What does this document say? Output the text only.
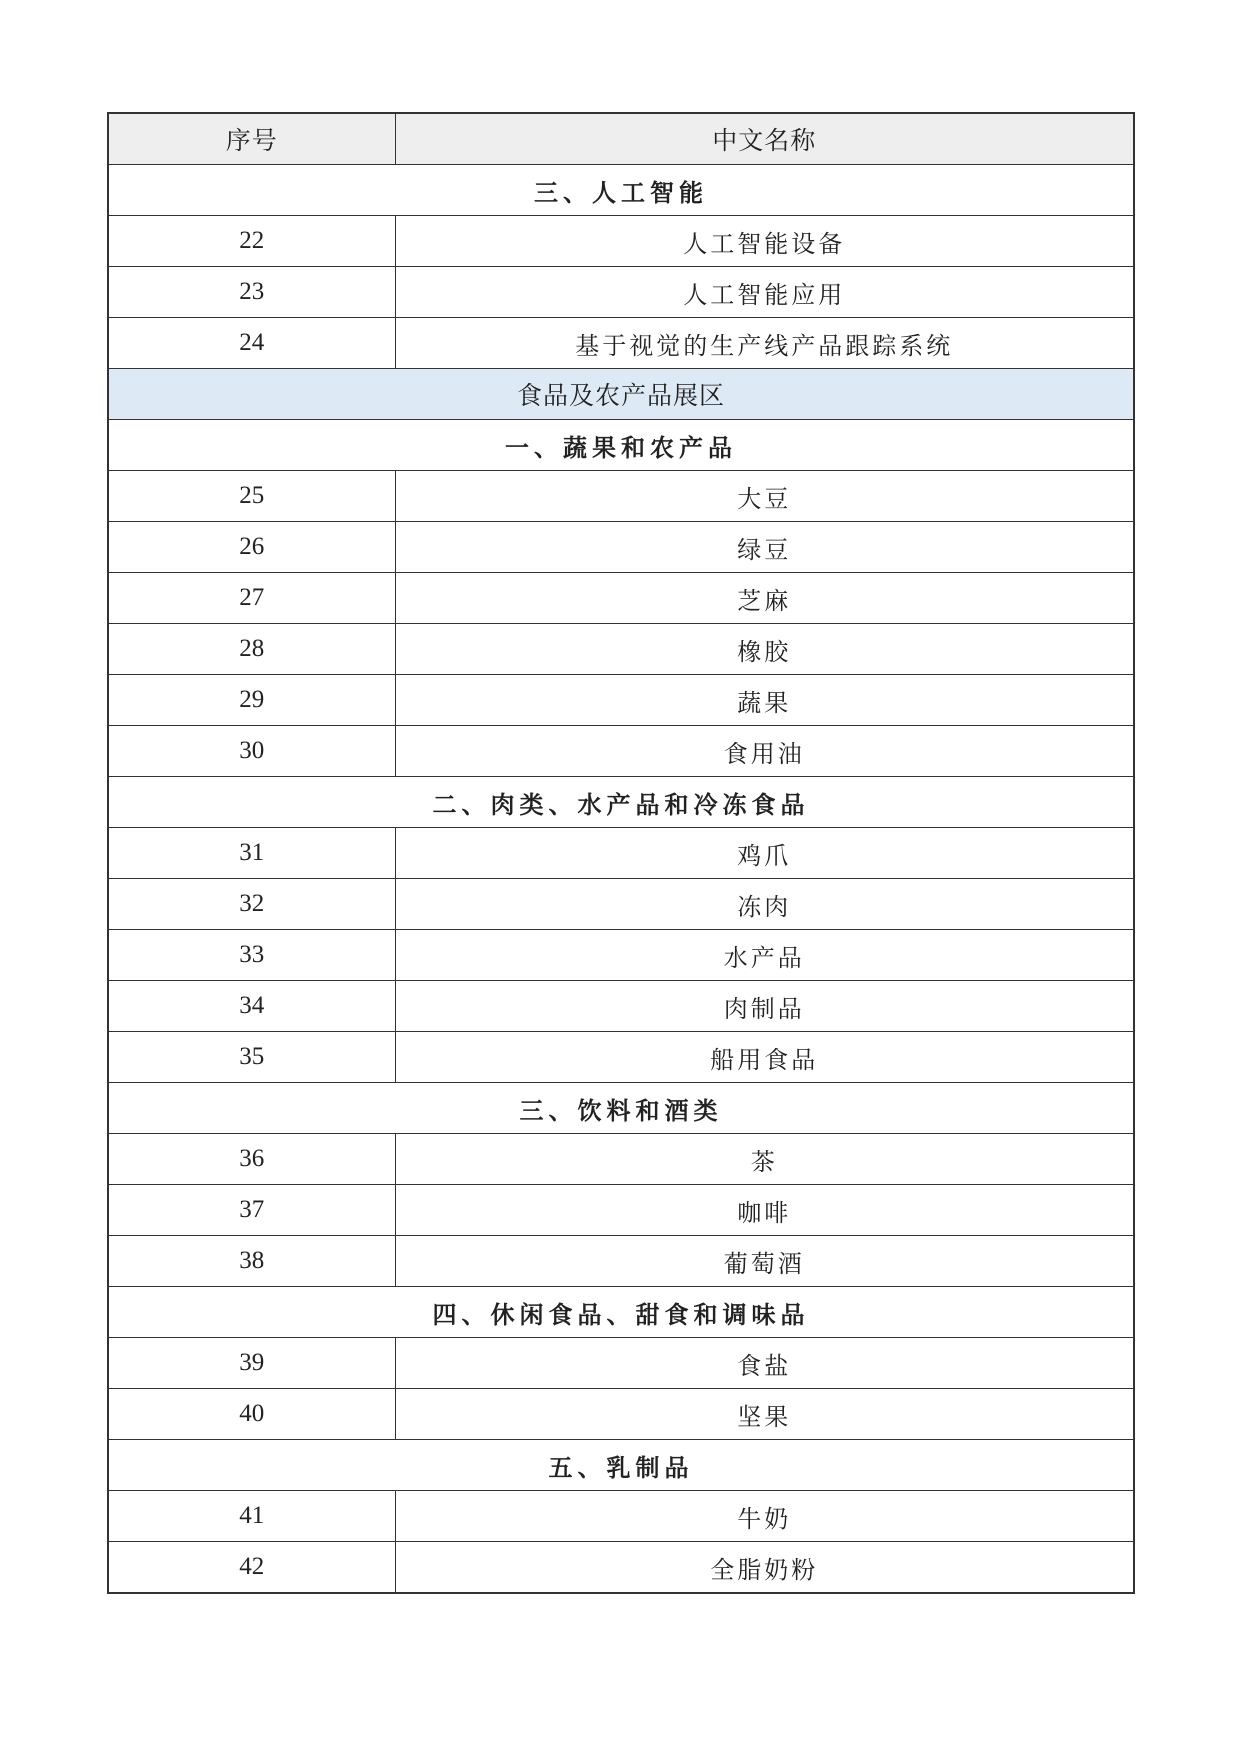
序号	中文名称
三、人工智能	
22	人工智能设备
23	人工智能应用
24	基于视觉的生产线产品跟踪系统
食品及农产品展区	
一、蔬果和农产品	
25	大豆
26	绿豆
27	芝麻
28	橡胶
29	蔬果
30	食用油
二、肉类、水产品和冷冻食品	
31	鸡爪
32	冻肉
33	水产品
34	肉制品
35	船用食品
三、饮料和酒类	
36	茶
37	咖啡
38	葡萄酒
四、休闲食品、甜食和调味品	
39	食盐
40	坚果
五、乳制品	
41	牛奶
42	全脂奶粉
